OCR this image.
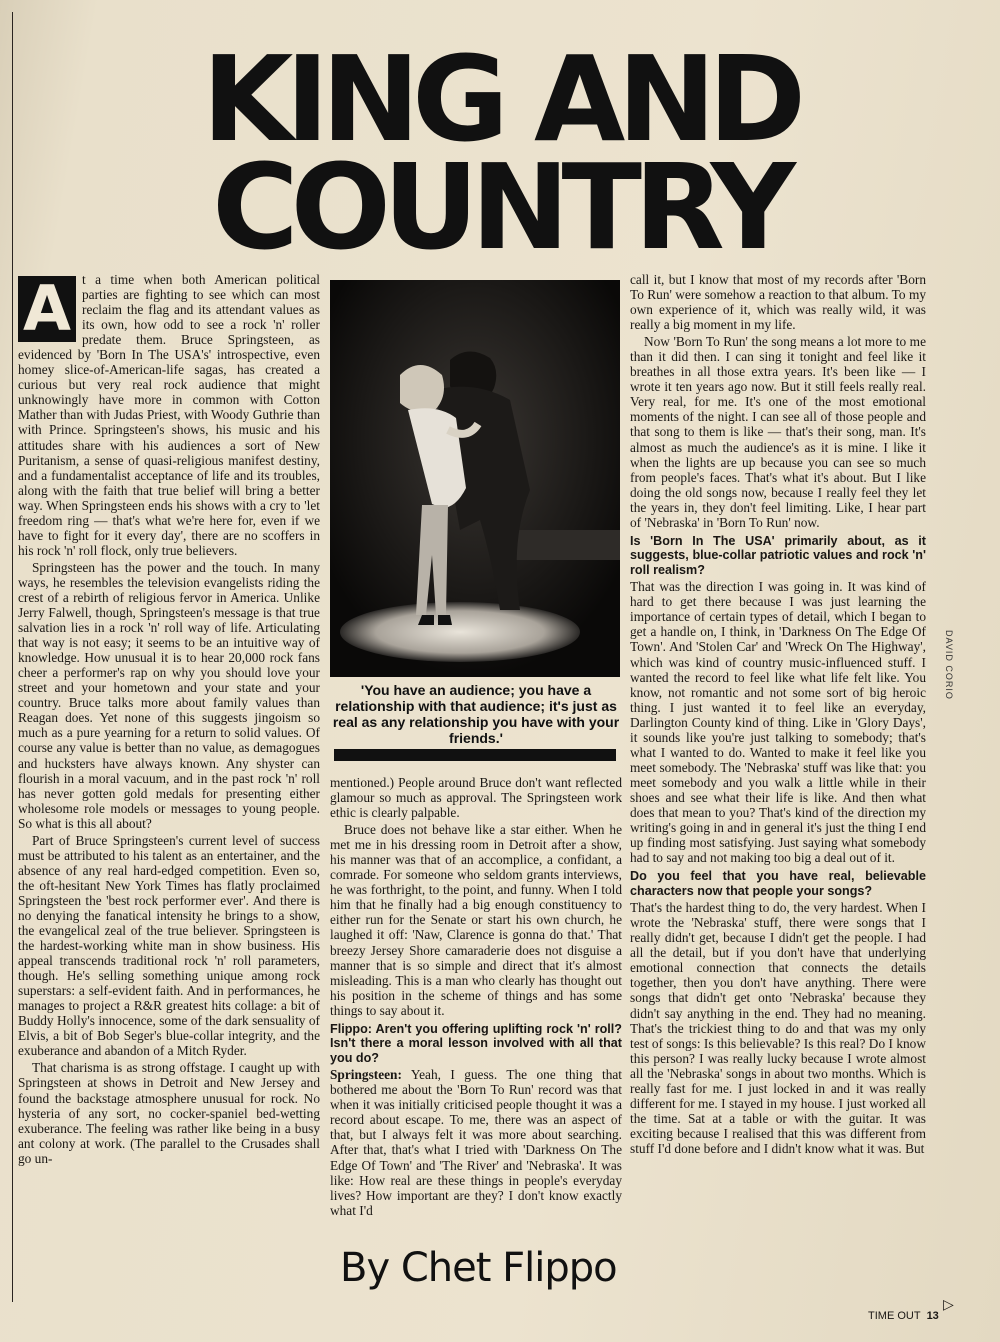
KING AND
COUNTRY
A t a time when both American political parties are fighting to see which can most reclaim the flag and its attendant values as its own, how odd to see a rock 'n' roller predate them. Bruce Springsteen, as evidenced by 'Born In The USA's' introspective, even homey slice-of-American-life sagas, has created a curious but very real rock audience that might unknowingly have more in common with Cotton Mather than with Judas Priest, with Woody Guthrie than with Prince. Springsteen's shows, his music and his attitudes share with his audiences a sort of New Puritanism, a sense of quasi-religious manifest destiny, and a fundamentalist acceptance of life and its troubles, along with the faith that true belief will bring a better way. When Springsteen ends his shows with a cry to 'let freedom ring — that's what we're here for, even if we have to fight for it every day', there are no scoffers in his rock 'n' roll flock, only true believers.

Springsteen has the power and the touch. In many ways, he resembles the television evangelists riding the crest of a rebirth of religious fervor in America. Unlike Jerry Falwell, though, Springsteen's message is that true salvation lies in a rock 'n' roll way of life. Articulating that way is not easy; it seems to be an intuitive way of knowledge. How unusual it is to hear 20,000 rock fans cheer a performer's rap on why you should love your street and your hometown and your state and your country. Bruce talks more about family values than Reagan does. Yet none of this suggests jingoism so much as a pure yearning for a return to solid values. Of course any value is better than no value, as demagogues and hucksters have always known. Any shyster can flourish in a moral vacuum, and in the past rock 'n' roll has never gotten gold medals for presenting either wholesome role models or messages to young people. So what is this all about?

Part of Bruce Springsteen's current level of success must be attributed to his talent as an entertainer, and the absence of any real hard-edged competition. Even so, the oft-hesitant New York Times has flatly proclaimed Springsteen the 'best rock performer ever'. And there is no denying the fanatical intensity he brings to a show, the evangelical zeal of the true believer. Springsteen is the hardest-working white man in show business. His appeal transcends traditional rock 'n' roll parameters, though. He's selling something unique among rock superstars: a self-evident faith. And in performances, he manages to project a R&R greatest hits collage: a bit of Buddy Holly's innocence, some of the dark sensuality of Elvis, a bit of Bob Seger's blue-collar integrity, and the exuberance and abandon of a Mitch Ryder.

That charisma is as strong offstage. I caught up with Springsteen at shows in Detroit and New Jersey and found the backstage atmosphere unusual for rock. No hysteria of any sort, no cocker-spaniel bed-wetting exuberance. The feeling was rather like being in a busy ant colony at work. (The parallel to the Crusades shall go un-

'You have an audience; you have a relationship with that audience; it's just as real as any relationship you have with your friends.'
DAVID CORIO

mentioned.) People around Bruce don't want reflected glamour so much as approval. The Springsteen work ethic is clearly palpable.

Bruce does not behave like a star either. When he met me in his dressing room in Detroit after a show, his manner was that of an accomplice, a confidant, a comrade. For someone who seldom grants interviews, he was forthright, to the point, and funny. When I told him that he finally had a big enough constituency to either run for the Senate or start his own church, he laughed it off: 'Naw, Clarence is gonna do that.' That breezy Jersey Shore camaraderie does not disguise a manner that is so simple and direct that it's almost misleading. This is a man who clearly has thought out his position in the scheme of things and has some things to say about it.

Flippo: Aren't you offering uplifting rock 'n' roll? Isn't there a moral lesson involved with all that you do?

Springsteen: Yeah, I guess. The one thing that bothered me about the 'Born To Run' record was that when it was initially criticised people thought it was a record about escape. To me, there was an aspect of that, but I always felt it was more about searching. After that, that's what I tried with 'Darkness On The Edge Of Town' and 'The River' and 'Nebraska'. It was like: How real are these things in people's everyday lives? How important are they? I don't know exactly what I'd

By Chet Flippo

call it, but I know that most of my records after 'Born To Run' were somehow a reaction to that album. To my own experience of it, which was really wild, it was really a big moment in my life.

Now 'Born To Run' the song means a lot more to me than it did then. I can sing it tonight and feel like it breathes in all those extra years. It's been like — I wrote it ten years ago now. But it still feels really real. Very real, for me. It's one of the most emotional moments of the night. I can see all of those people and that song to them is like — that's their song, man. It's almost as much the audience's as it is mine. I like it when the lights are up because you can see so much from people's faces. That's what it's about. But I like doing the old songs now, because I really feel they let the years in, they don't feel limiting. Like, I hear part of 'Nebraska' in 'Born To Run' now.

Is 'Born In The USA' primarily about, as it suggests, blue-collar patriotic values and rock 'n' roll realism?

That was the direction I was going in. It was kind of hard to get there because I was just learning the importance of certain types of detail, which I began to get a handle on, I think, in 'Darkness On The Edge Of Town'. And 'Stolen Car' and 'Wreck On The Highway', which was kind of country music-influenced stuff. I wanted the record to feel like what life felt like. You know, not romantic and not some sort of big heroic thing. I just wanted it to feel like an everyday, Darlington County kind of thing. Like in 'Glory Days', it sounds like you're just talking to somebody; that's what I wanted to do. Wanted to make it feel like you meet somebody. The 'Nebraska' stuff was like that: you meet somebody and you walk a little while in their shoes and see what their life is like. And then what does that mean to you? That's kind of the direction my writing's going in and in general it's just the thing I end up finding most satisfying. Just saying what somebody had to say and not making too big a deal out of it.

Do you feel that you have real, believable characters now that people your songs?

That's the hardest thing to do, the very hardest. When I wrote the 'Nebraska' stuff, there were songs that I really didn't get, because I didn't get the people. I had all the detail, but if you don't have that underlying emotional connection that connects the details together, then you don't have anything. There were songs that didn't get onto 'Nebraska' because they didn't say anything in the end. They had no meaning. That's the trickiest thing to do and that was my only test of songs: Is this believable? Is this real? Do I know this person? I was really lucky because I wrote almost all the 'Nebraska' songs in about two months. Which is really fast for me. I just locked in and it was really different for me. I stayed in my house. I just worked all the time. Sat at a table or with the guitar. It was exciting because I realised that this was different from stuff I'd done before and I didn't know what it was. But

▷
TIME OUT 13
